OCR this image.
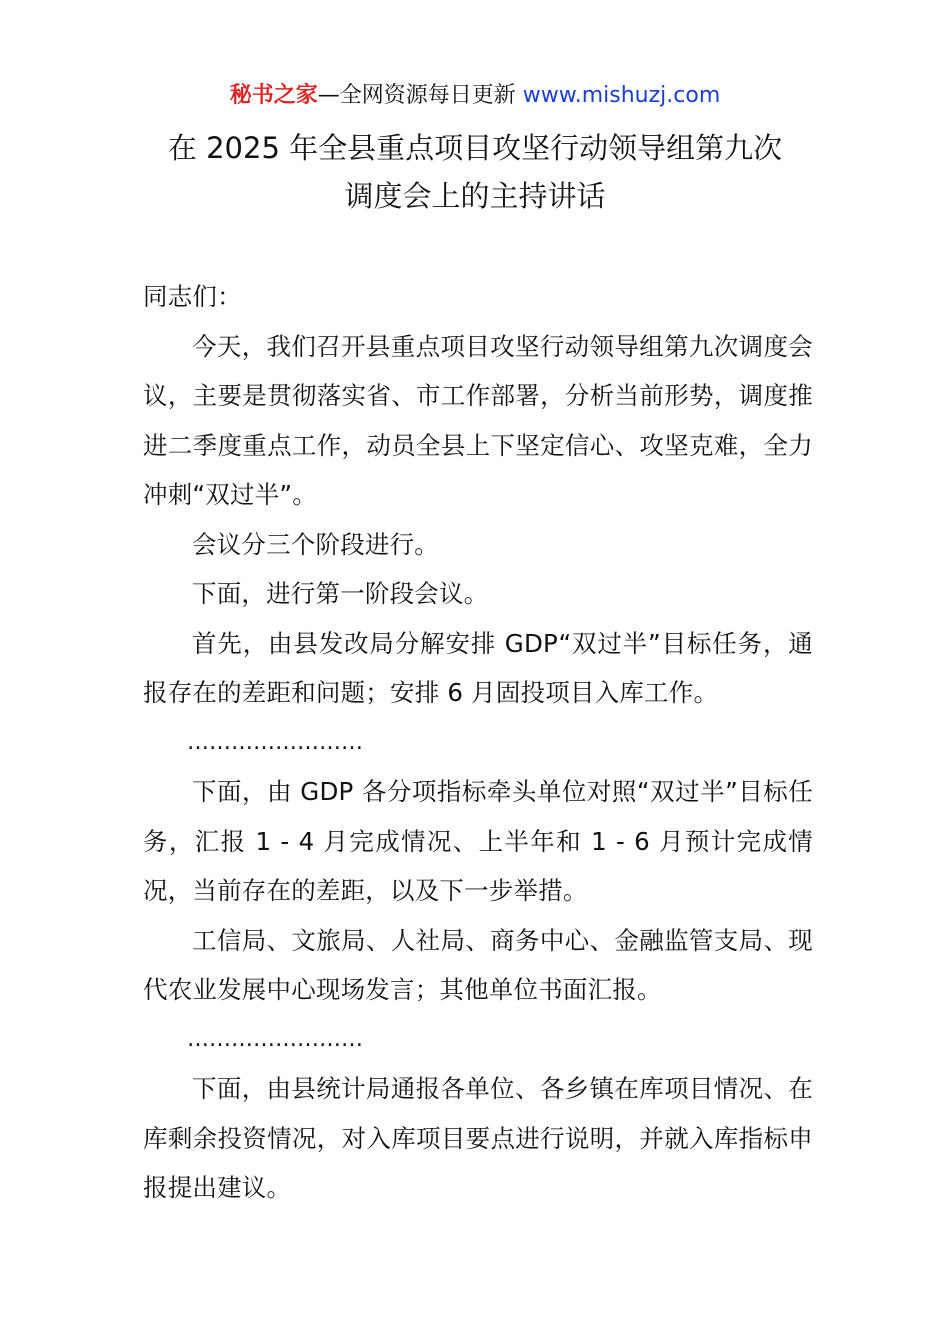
秘书之家—全网资源每日更新 www.mishuzj.com
在 2025 年全县重点项目攻坚行动领导组第九次
调度会上的主持讲话

同志们：

今天，我们召开县重点项目攻坚行动领导组第九次调度会议，主要是贯彻落实省、市工作部署，分析当前形势，调度推进二季度重点工作，动员全县上下坚定信心、攻坚克难，全力冲刺“双过半”。

会议分三个阶段进行。

下面，进行第一阶段会议。

首先，由县发改局分解安排 GDP“双过半”目标任务，通报存在的差距和问题；安排 6 月固投项目入库工作。

……………………

下面，由 GDP 各分项指标牵头单位对照“双过半”目标任务，汇报 1 - 4 月完成情况、上半年和 1 - 6 月预计完成情况，当前存在的差距，以及下一步举措。

工信局、文旅局、人社局、商务中心、金融监管支局、现代农业发展中心现场发言；其他单位书面汇报。

……………………

下面，由县统计局通报各单位、各乡镇在库项目情况、在库剩余投资情况，对入库项目要点进行说明，并就入库指标申报提出建议。
